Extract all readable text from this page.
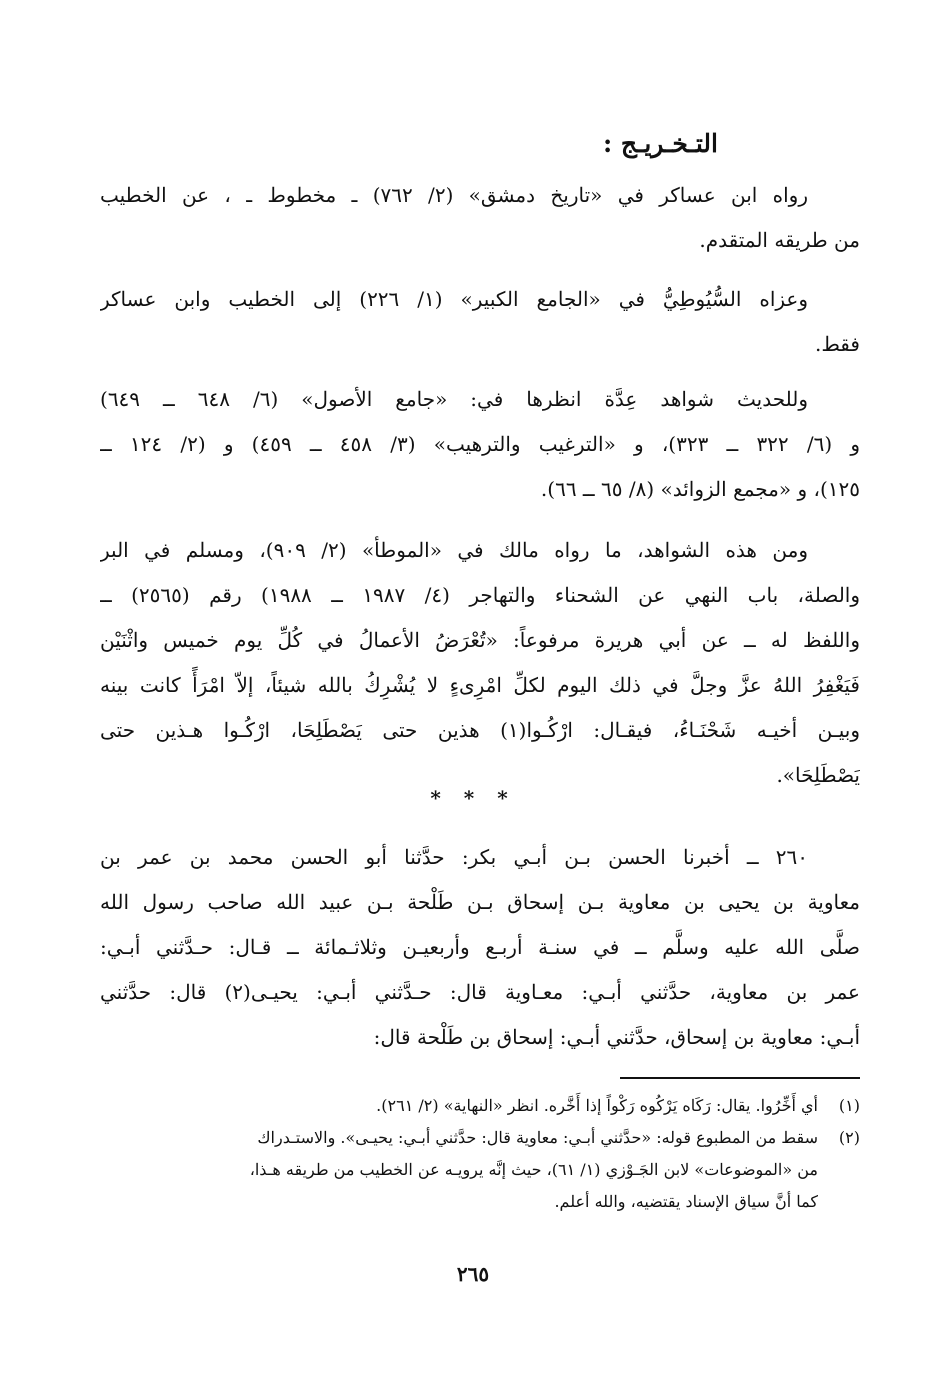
التـخـريـج :

رواه ابن عساكر في «تاريخ دمشق» (٢/ ٧٦٢) ـ مخطوط ـ ، عن الخطيب
من طريقه المتقدم.

وعزاه السُّيُوطِيُّ في «الجامع الكبير» (١/ ٢٢٦) إلى الخطيب وابن عساكر
فقط.

وللحديث شواهد عِدَّة انظرها في: «جامع الأصول» (٦/ ٦٤٨ ــ ٦٤٩)
و (٦/ ٣٢٢ ــ ٣٢٣)، و «الترغيب والترهيب» (٣/ ٤٥٨ ــ ٤٥٩) و (٢/ ١٢٤ ــ
١٢٥)، و «مجمع الزوائد» (٨/ ٦٥ ــ ٦٦).

ومن هذه الشواهد، ما رواه مالك في «الموطأ» (٢/ ٩٠٩)، ومسلم في البر
والصلة، باب النهي عن الشحناء والتهاجر (٤/ ١٩٨٧ ــ ١٩٨٨) رقم (٢٥٦٥) ــ
واللفظ له ــ عن أبي هريرة مرفوعاً: «تُعْرَضُ الأعمالُ في كُلِّ يوم خميس واثْنَيْن
فَيَغْفِرُ اللهُ عزَّ وجلَّ في ذلك اليوم لكلِّ امْرِىءٍ لا يُشْرِكُ بالله شيئاً، إلاّ امْرَأً كانت بينه
وبيـن أخيـه شَحْنَـاءُ، فيقـال: ارْكُـوا(١) هذين حتى يَصْطَلِحَا، ارْكُـوا هـذين حتى
يَصْطَلِحَا».

* * *

٢٦٠ ــ أخبرنا الحسن بـن أبـي بكر: حدَّثنا أبو الحسن محمد بن عمر بن
معاوية بن يحيى بن معاوية بـن إسحاق بـن طَلْحة بـن عبيد الله صاحب رسول الله
صلَّى الله عليه وسلَّم ــ في سنـة أربـع وأربعيـن وثلاثـمائة ــ قـال: حـدَّثني أبـي:
عمر بن معاوية، حدَّثني أبـي: معـاوية قال: حـدَّثني أبـي: يحيـى(٢) قال: حدَّثني
أبـي: معاوية بن إسحاق، حدَّثني أبـي: إسحاق بن طَلْحة قال:

(١)أي أَخِّرُوا. يقال: رَكَاه يَرْكُوه رَكْواً إذا أَخَّره. انظر «النهاية» (٢/ ٢٦١).
(٢)سقط من المطبوع قوله: «حدَّثني أبـي: معاوية قال: حدَّثني أبـي: يحيـى». والاستـدراك
من «الموضوعات» لابن الجَـوْزي (١/ ٦١)، حيث إنَّه يرويـه عن الخطيب من طريقه هـذا،
كما أنَّ سياق الإسناد يقتضيه، والله أعلم.
٢٦٥
